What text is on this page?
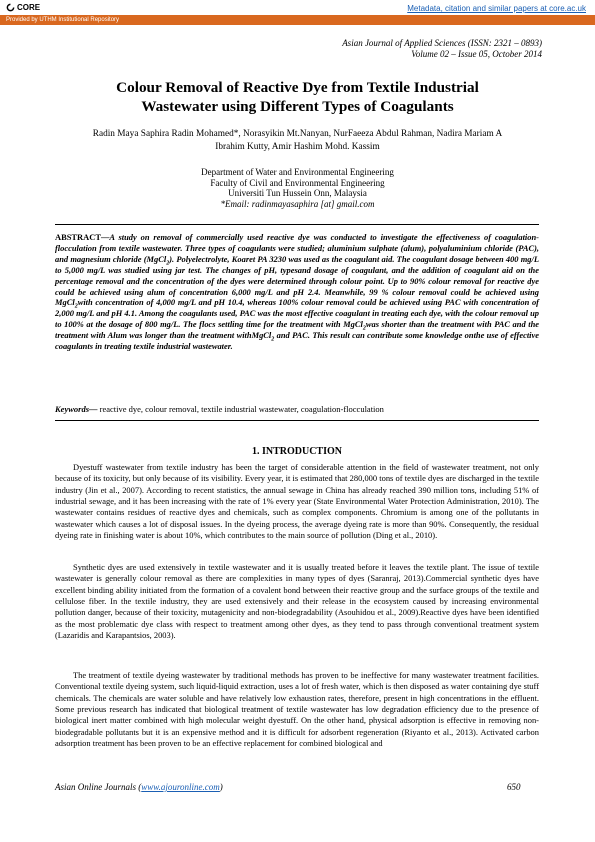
CORE	Metadata, citation and similar papers at core.ac.uk
Provided by UTHM Institutional Repository
Asian Journal of Applied Sciences (ISSN: 2321 – 0893)
Volume 02 – Issue 05, October 2014
Colour Removal of Reactive Dye from Textile Industrial
Wastewater using Different Types of Coagulants
Radin Maya Saphira Radin Mohamed*, Norasyikin Mt.Nanyan, NurFaeeza Abdul Rahman, Nadira Mariam A
Ibrahim Kutty, Amir Hashim Mohd. Kassim
Department of Water and Environmental Engineering
Faculty of Civil and Environmental Engineering
Universiti Tun Hussein Onn, Malaysia
*Email: radinmayasaphira [at] gmail.com
ABSTRACT—A study on removal of commercially used reactive dye was conducted to investigate the effectiveness of coagulation-flocculation from textile wastewater. Three types of coagulants were studied; aluminium sulphate (alum), polyaluminium chloride (PAC), and magnesium chloride (MgCl$_2$). Polyelectrolyte, Koaret PA 3230 was used as the coagulant aid. The coagulant dosage between 400 mg/L to 5,000 mg/L was studied using jar test. The changes of pH, typesand dosage of coagulant, and the addition of coagulant aid on the percentage removal and the concentration of the dyes were determined through colour point. Up to 90% colour removal for reactive dye could be achieved using alum of concentration 6,000 mg/L and pH 2.4. Meanwhile, 99 % colour removal could be achieved using MgCl$_2$with concentration of 4,000 mg/L and pH 10.4, whereas 100% colour removal could be achieved using PAC with concentration of 2,000 mg/L and pH 4.1. Among the coagulants used, PAC was the most effective coagulant in treating each dye, with the colour removal up to 100% at the dosage of 800 mg/L. The flocs settling time for the treatment with MgCl$_2$was shorter than the treatment with PAC and the treatment with Alum was longer than the treatment withMgCl$_2$ and PAC. This result can contribute some knowledge onthe use of effective coagulants in treating textile industrial wastewater.
Keywords— reactive dye, colour removal, textile industrial wastewater, coagulation-flocculation
1. INTRODUCTION
Dyestuff wastewater from textile industry has been the target of considerable attention in the field of wastewater treatment, not only because of its toxicity, but only because of its visibility. Every year, it is estimated that 280,000 tons of textile dyes are discharged in the textile industry (Jin et al., 2007). According to recent statistics, the annual sewage in China has already reached 390 million tons, including 51% of industrial sewage, and it has been increasing with the rate of 1% every year (State Environmental Water Protection Administration, 2010). The wastewater contains residues of reactive dyes and chemicals, such as complex components. Chromium is among one of the pollutants in wastewater which causes a lot of disposal issues. In the dyeing process, the average dyeing rate is more than 90%. Consequently, the residual dyeing rate in finishing water is about 10%, which contributes to the main source of pollution (Ding et al., 2010).
Synthetic dyes are used extensively in textile wastewater and it is usually treated before it leaves the textile plant. The issue of textile wastewater is generally colour removal as there are complexities in many types of dyes (Saranraj, 2013).Commercial synthetic dyes have excellent binding ability initiated from the formation of a covalent bond between their reactive group and the surface groups of the textile and cellulose fiber. In the textile industry, they are used extensively and their release in the ecosystem caused by increasing environmental pollution danger, because of their toxicity, mutagenicity and non-biodegradability (Asouhidou et al., 2009).Reactive dyes have been identified as the most problematic dye class with respect to treatment among other dyes, as they tend to pass through conventional treatment system (Lazaridis and Karapantsios, 2003).
The treatment of textile dyeing wastewater by traditional methods has proven to be ineffective for many wastewater treatment facilities. Conventional textile dyeing system, such liquid-liquid extraction, uses a lot of fresh water, which is then disposed as water containing dye stuff chemicals. The chemicals are water soluble and have relatively low exhaustion rates, therefore, present in high concentrations in the effluent. Some previous research has indicated that biological treatment of textile wastewater has low degradation efficiency due to the presence of biological inert matter combined with high molecular weight dyestuff. On the other hand, physical adsorption is effective in removing non-biodegradable pollutants but it is an expensive method and it is difficult for adsorbent regeneration (Riyanto et al., 2013). Activated carbon adsorption treatment has been proven to be an effective replacement for combined biological and
Asian Online Journals (www.ajouronline.com)	650
